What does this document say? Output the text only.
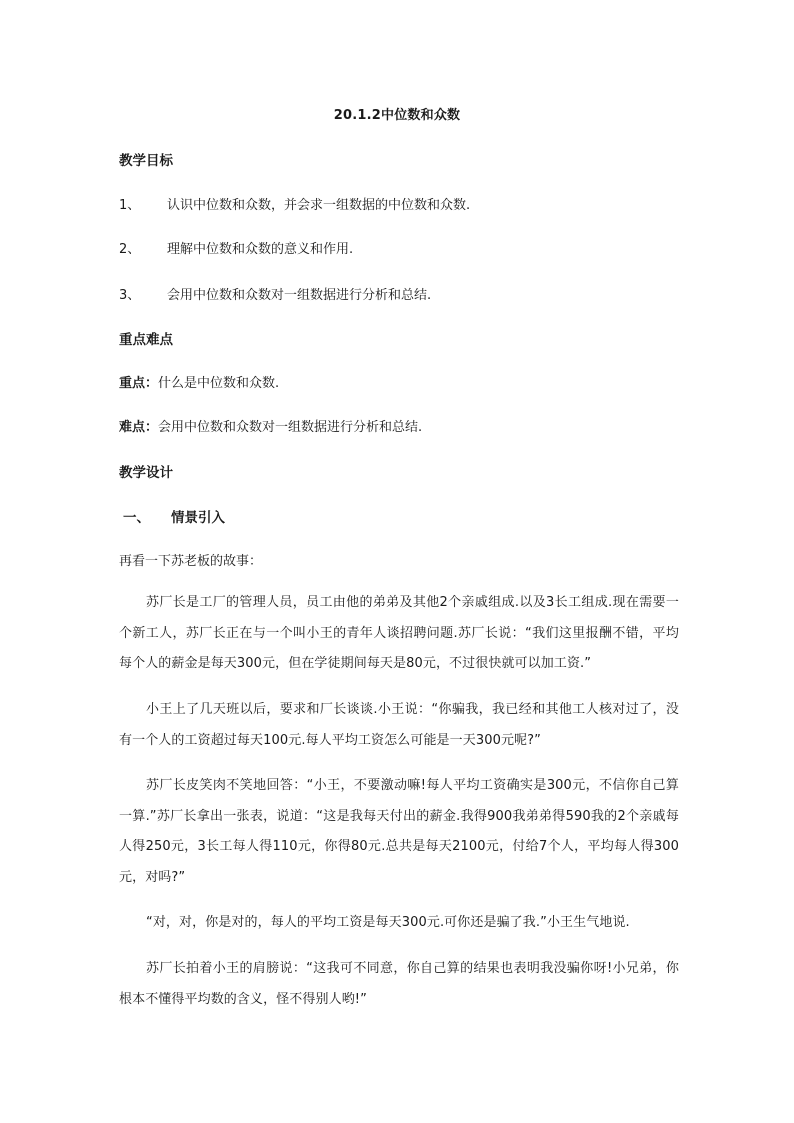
20.1.2中位数和众数
教学目标
1、 认识中位数和众数，并会求一组数据的中位数和众数.
2、 理解中位数和众数的意义和作用.
3、 会用中位数和众数对一组数据进行分析和总结.
重点难点
重点：什么是中位数和众数.
难点：会用中位数和众数对一组数据进行分析和总结.
教学设计
一、 情景引入
再看一下苏老板的故事：
苏厂长是工厂的管理人员，员工由他的弟弟及其他2个亲戚组成.以及3长工组成.现在需要一个新工人，苏厂长正在与一个叫小王的青年人谈招聘问题.苏厂长说：“我们这里报酬不错，平均每个人的薪金是每天300元，但在学徒期间每天是80元，不过很快就可以加工资.”
小王上了几天班以后，要求和厂长谈谈.小王说：“你骗我，我已经和其他工人核对过了，没有一个人的工资超过每天100元.每人平均工资怎么可能是一天300元呢?”
苏厂长皮笑肉不笑地回答：“小王，不要激动嘛!每人平均工资确实是300元，不信你自己算一算.”苏厂长拿出一张表，说道：“这是我每天付出的薪金.我得900我弟弟得590我的2个亲戚每人得250元，3长工每人得110元，你得80元.总共是每天2100元，付给7个人，平均每人得300元，对吗?”
“对，对，你是对的，每人的平均工资是每天300元.可你还是骗了我.”小王生气地说.
苏厂长拍着小王的肩膀说：“这我可不同意，你自己算的结果也表明我没骗你呀!小兄弟，你根本不懂得平均数的含义，怪不得别人哟!”
